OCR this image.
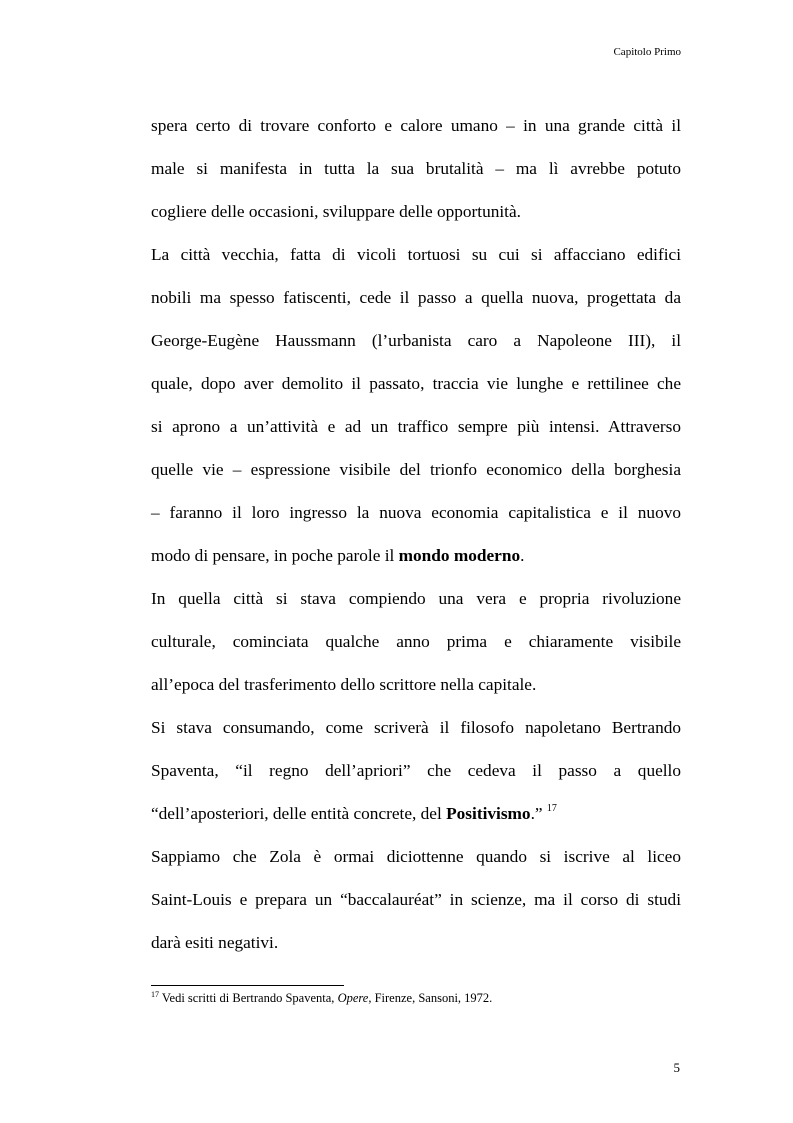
Capitolo Primo

spera certo di trovare conforto e calore umano – in una grande città il
male si manifesta in tutta la sua brutalità – ma lì avrebbe potuto
cogliere delle occasioni, sviluppare delle opportunità.

La città vecchia, fatta di vicoli tortuosi su cui si affacciano edifici
nobili ma spesso fatiscenti, cede il passo a quella nuova, progettata da
George-Eugène Haussmann (l’urbanista caro a Napoleone III), il
quale, dopo aver demolito il passato, traccia vie lunghe e rettilinee che
si aprono a un’attività e ad un traffico sempre più intensi. Attraverso
quelle vie – espressione visibile del trionfo economico della borghesia
– faranno il loro ingresso la nuova economia capitalistica e il nuovo
modo di pensare, in poche parole il mondo moderno.

In quella città si stava compiendo una vera e propria rivoluzione
culturale, cominciata qualche anno prima e chiaramente visibile
all’epoca del trasferimento dello scrittore nella capitale.

Si stava consumando, come scriverà il filosofo napoletano Bertrando
Spaventa, “il regno dell’apriori” che cedeva il passo a quello
“dell’aposteriori, delle entità concrete, del Positivismo.” $^{17}$

Sappiamo che Zola è ormai diciottenne quando si iscrive al liceo
Saint-Louis e prepara un “baccalauréat” in scienze, ma il corso di studi
darà esiti negativi.

$^{17}$ Vedi scritti di Bertrando Spaventa, Opere, Firenze, Sansoni, 1972.
5
